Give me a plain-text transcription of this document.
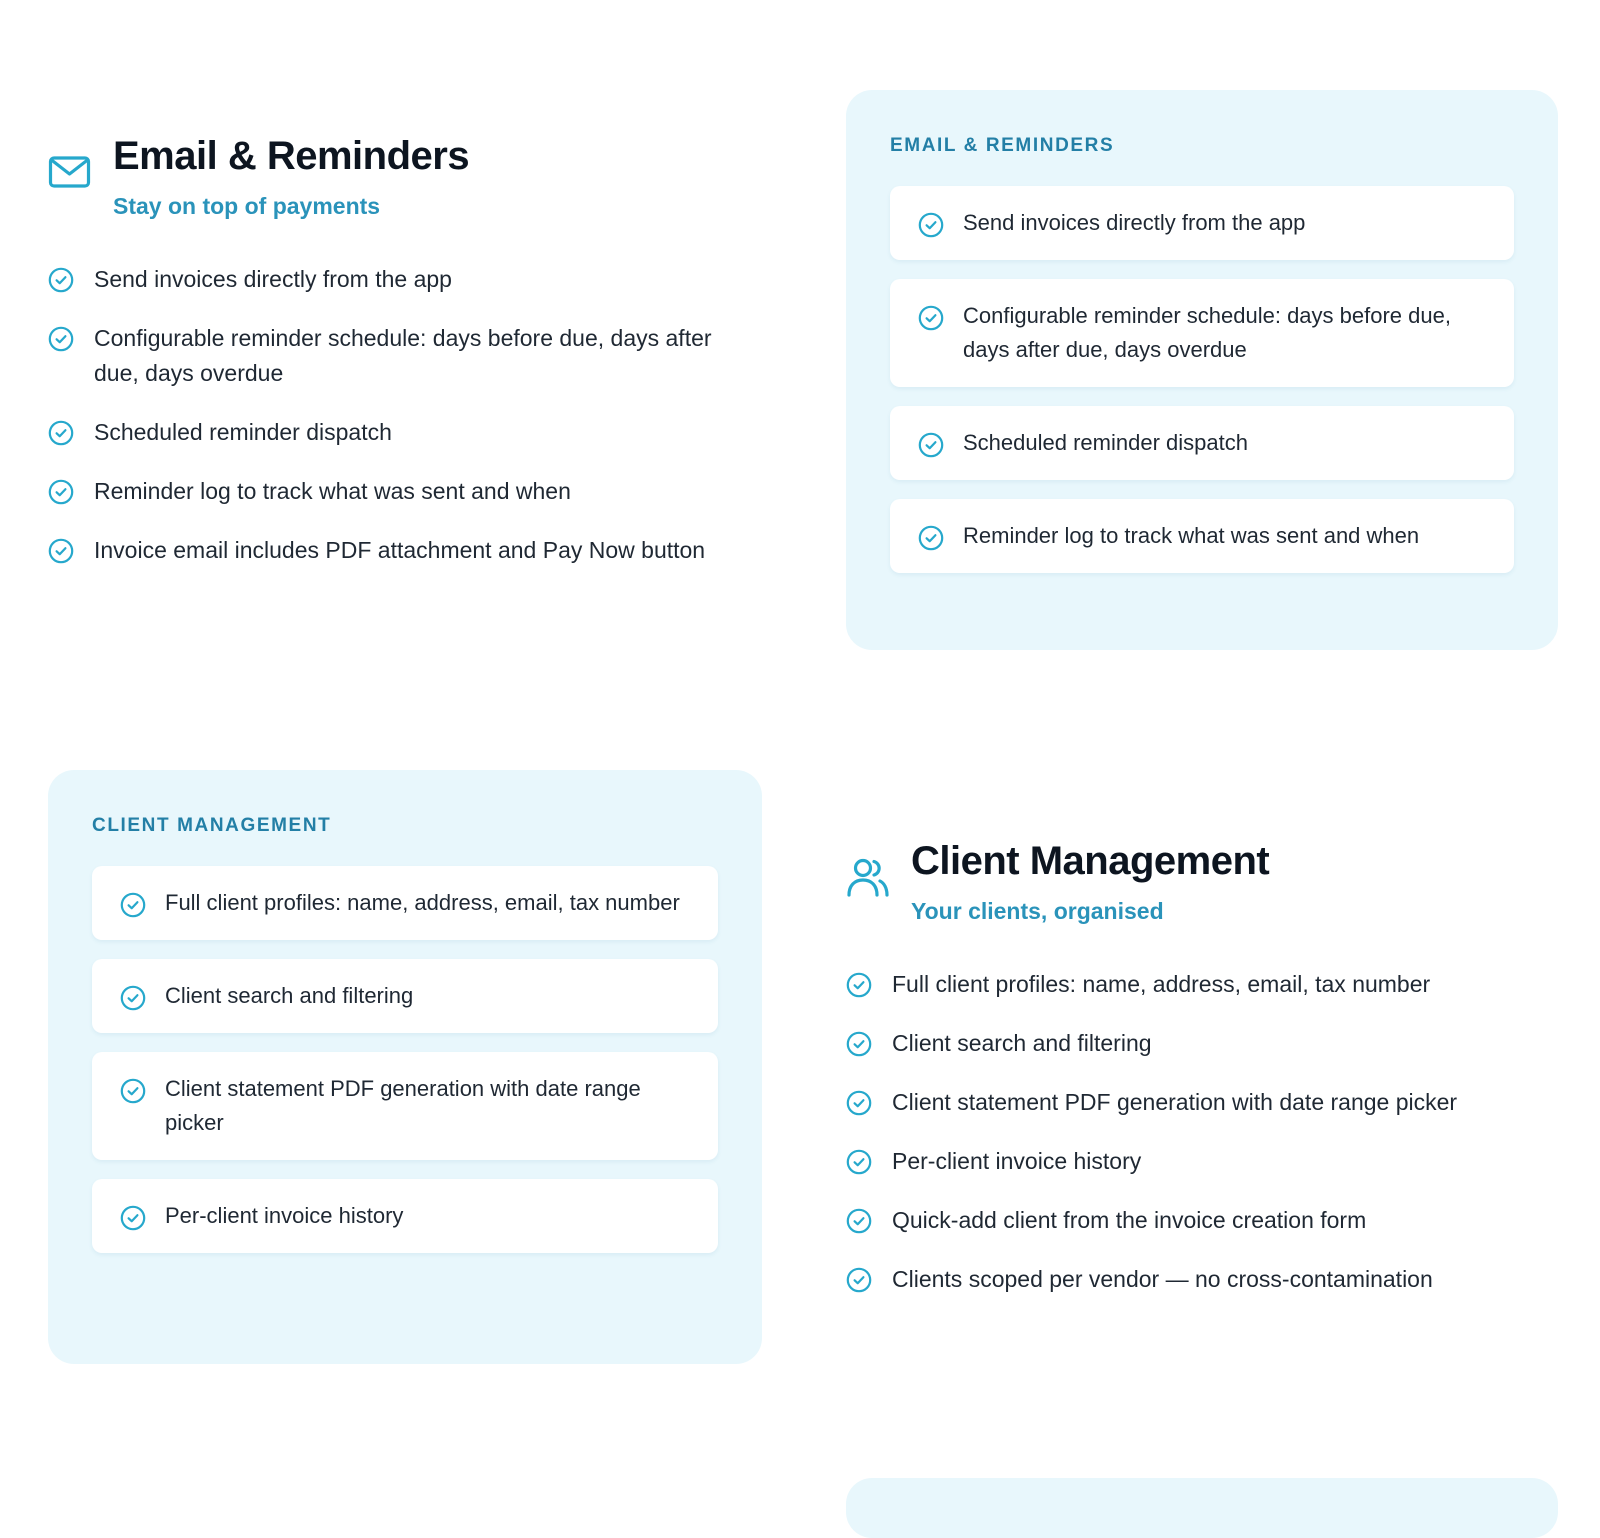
Email & Reminders
Stay on top of payments
Send invoices directly from the app
Configurable reminder schedule: days before due, days after due, days overdue
Scheduled reminder dispatch
Reminder log to track what was sent and when
Invoice email includes PDF attachment and Pay Now button
EMAIL & REMINDERS
Send invoices directly from the app
Configurable reminder schedule: days before due, days after due, days overdue
Scheduled reminder dispatch
Reminder log to track what was sent and when
CLIENT MANAGEMENT
Full client profiles: name, address, email, tax number
Client search and filtering
Client statement PDF generation with date range picker
Per-client invoice history
Client Management
Your clients, organised
Full client profiles: name, address, email, tax number
Client search and filtering
Client statement PDF generation with date range picker
Per-client invoice history
Quick-add client from the invoice creation form
Clients scoped per vendor — no cross-contamination
